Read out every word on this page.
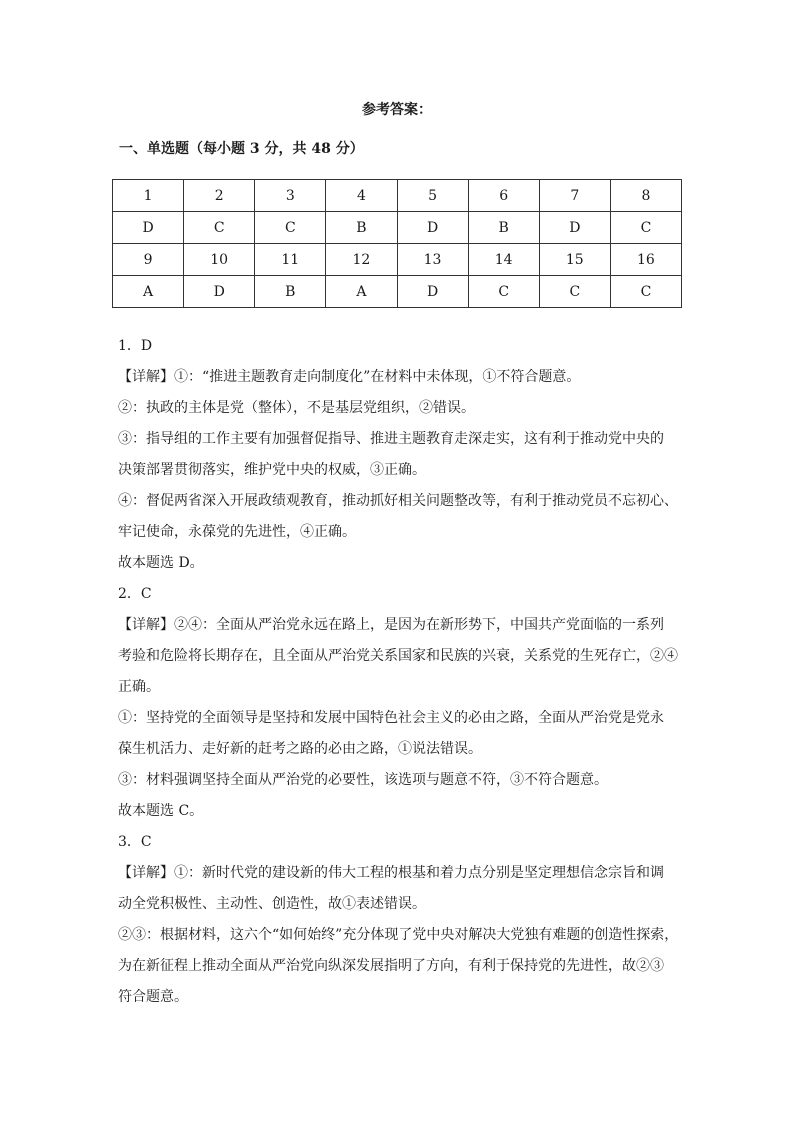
参考答案：
一、单选题（每小题 3 分，共 48 分）
1	2	3	4	5	6	7	8
D	C	C	B	D	B	D	C
9	10	11	12	13	14	15	16
A	D	B	A	D	C	C	C
1．D
【详解】①：“推进主题教育走向制度化”在材料中未体现，①不符合题意。
②：执政的主体是党（整体），不是基层党组织，②错误。
③：指导组的工作主要有加强督促指导、推进主题教育走深走实，这有利于推动党中央的
决策部署贯彻落实，维护党中央的权威，③正确。
④：督促两省深入开展政绩观教育，推动抓好相关问题整改等，有利于推动党员不忘初心、
牢记使命，永葆党的先进性，④正确。
故本题选 D。
2．C
【详解】②④：全面从严治党永远在路上，是因为在新形势下，中国共产党面临的一系列
考验和危险将长期存在，且全面从严治党关系国家和民族的兴衰，关系党的生死存亡，②④
正确。
①：坚持党的全面领导是坚持和发展中国特色社会主义的必由之路，全面从严治党是党永
葆生机活力、走好新的赶考之路的必由之路，①说法错误。
③：材料强调坚持全面从严治党的必要性，该选项与题意不符，③不符合题意。
故本题选 C。
3．C
【详解】①：新时代党的建设新的伟大工程的根基和着力点分别是坚定理想信念宗旨和调
动全党积极性、主动性、创造性，故①表述错误。
②③：根据材料，这六个“如何始终”充分体现了党中央对解决大党独有难题的创造性探索，
为在新征程上推动全面从严治党向纵深发展指明了方向，有利于保持党的先进性，故②③
符合题意。
